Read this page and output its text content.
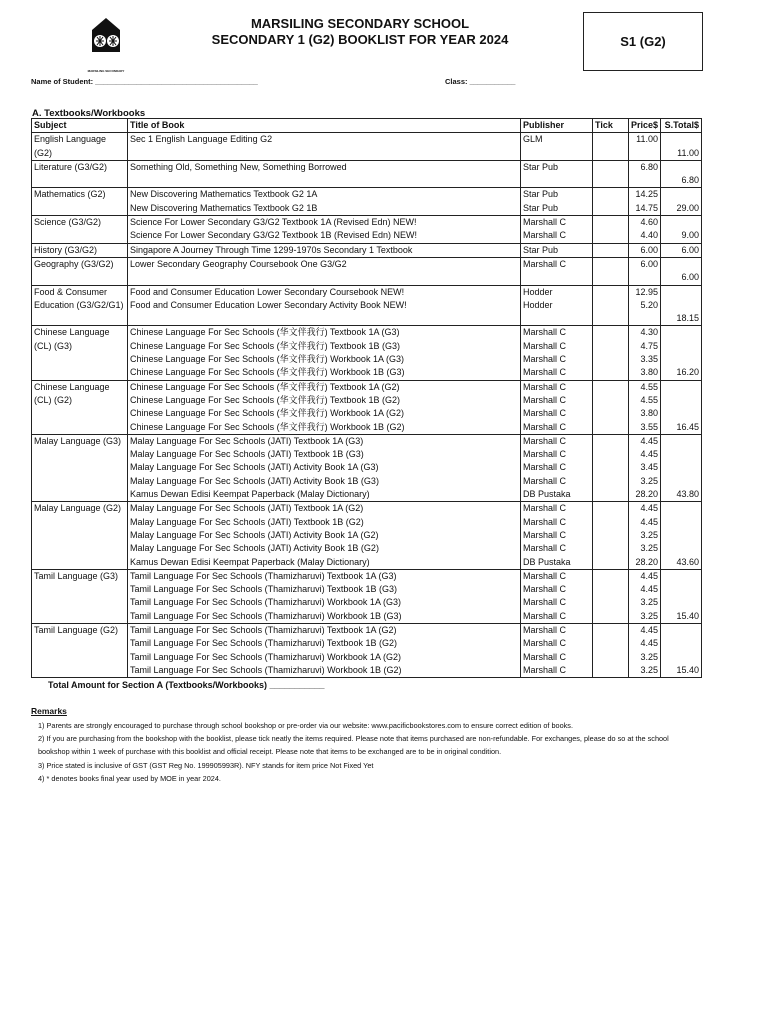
MARSILING SECONDARY
MARSILING SECONDARY SCHOOL
SECONDARY 1 (G2) BOOKLIST FOR YEAR 2024	S1 (G2)
Name of Student: _______________________________________	Class: ___________
A. Textbooks/Workbooks
Subject	Title of Book	Publisher	Tick	Price$	S.Total$
English Language (G2)	Sec 1 English Language Editing G2	GLM		11.00	
					11.00
Literature (G3/G2)	Something Old, Something New, Something Borrowed	Star Pub		6.80	
					6.80
Mathematics (G2)	New Discovering Mathematics Textbook G2 1A	Star Pub		14.25	
	New Discovering Mathematics Textbook G2 1B	Star Pub		14.75	29.00
Science (G3/G2)	Science For Lower Secondary G3/G2 Textbook 1A (Revised Edn) NEW!	Marshall C		4.60	
	Science For Lower Secondary G3/G2 Textbook 1B (Revised Edn) NEW!	Marshall C		4.40	9.00
History (G3/G2)	Singapore A Journey Through Time 1299-1970s Secondary 1 Textbook	Star Pub		6.00	6.00
Geography (G3/G2)	Lower Secondary Geography Coursebook One G3/G2	Marshall C		6.00	
					6.00
Food & Consumer Education (G3/G2/G1)	Food and Consumer Education Lower Secondary Coursebook NEW!	Hodder		12.95	
	Food and Consumer Education Lower Secondary Activity Book NEW!	Hodder		5.20	
					18.15
Chinese Language (CL) (G3)	Chinese Language For Sec Schools (华文伴我行) Textbook 1A (G3)	Marshall C		4.30	
	Chinese Language For Sec Schools (华文伴我行) Textbook 1B (G3)	Marshall C		4.75	
	Chinese Language For Sec Schools (华文伴我行) Workbook 1A (G3)	Marshall C		3.35	
	Chinese Language For Sec Schools (华文伴我行) Workbook 1B (G3)	Marshall C		3.80	16.20
Chinese Language (CL) (G2)	Chinese Language For Sec Schools (华文伴我行) Textbook 1A (G2)	Marshall C		4.55	
	Chinese Language For Sec Schools (华文伴我行) Textbook 1B (G2)	Marshall C		4.55	
	Chinese Language For Sec Schools (华文伴我行) Workbook 1A (G2)	Marshall C		3.80	
	Chinese Language For Sec Schools (华文伴我行) Workbook 1B (G2)	Marshall C		3.55	16.45
Malay Language (G3)	Malay Language For Sec Schools (JATI) Textbook 1A (G3)	Marshall C		4.45	
	Malay Language For Sec Schools (JATI) Textbook 1B (G3)	Marshall C		4.45	
	Malay Language For Sec Schools (JATI) Activity Book 1A (G3)	Marshall C		3.45	
	Malay Language For Sec Schools (JATI) Activity Book 1B (G3)	Marshall C		3.25	
	Kamus Dewan Edisi Keempat Paperback (Malay Dictionary)	DB Pustaka		28.20	43.80
Malay Language (G2)	Malay Language For Sec Schools (JATI) Textbook 1A (G2)	Marshall C		4.45	
	Malay Language For Sec Schools (JATI) Textbook 1B (G2)	Marshall C		4.45	
	Malay Language For Sec Schools (JATI) Activity Book 1A (G2)	Marshall C		3.25	
	Malay Language For Sec Schools (JATI) Activity Book 1B (G2)	Marshall C		3.25	
	Kamus Dewan Edisi Keempat Paperback (Malay Dictionary)	DB Pustaka		28.20	43.60
Tamil Language (G3)	Tamil Language For Sec Schools (Thamizharuvi) Textbook 1A (G3)	Marshall C		4.45	
	Tamil Language For Sec Schools (Thamizharuvi) Textbook 1B (G3)	Marshall C		4.45	
	Tamil Language For Sec Schools (Thamizharuvi) Workbook 1A (G3)	Marshall C		3.25	
	Tamil Language For Sec Schools (Thamizharuvi) Workbook 1B (G3)	Marshall C		3.25	15.40
Tamil Language (G2)	Tamil Language For Sec Schools (Thamizharuvi) Textbook 1A (G2)	Marshall C		4.45	
	Tamil Language For Sec Schools (Thamizharuvi) Textbook 1B (G2)	Marshall C		4.45	
	Tamil Language For Sec Schools (Thamizharuvi) Workbook 1A (G2)	Marshall C		3.25	
	Tamil Language For Sec Schools (Thamizharuvi) Workbook 1B (G2)	Marshall C		3.25	15.40
Total Amount for Section A (Textbooks/Workbooks) ___________
Remarks
1) Parents are strongly encouraged to purchase through school bookshop or pre-order via our website: www.pacificbookstores.com to ensure correct edition of books.
2) If you are purchasing from the bookshop with the booklist, please tick neatly the items required. Please note that items purchased are non-refundable. For exchanges, please do so at the school bookshop within 1 week of purchase with this booklist and official receipt. Please note that items to be exchanged are to be in original condition.
3) Price stated is inclusive of GST (GST Reg No. 199905993R). NFY stands for item price Not Fixed Yet
4) * denotes books final year used by MOE in year 2024.
